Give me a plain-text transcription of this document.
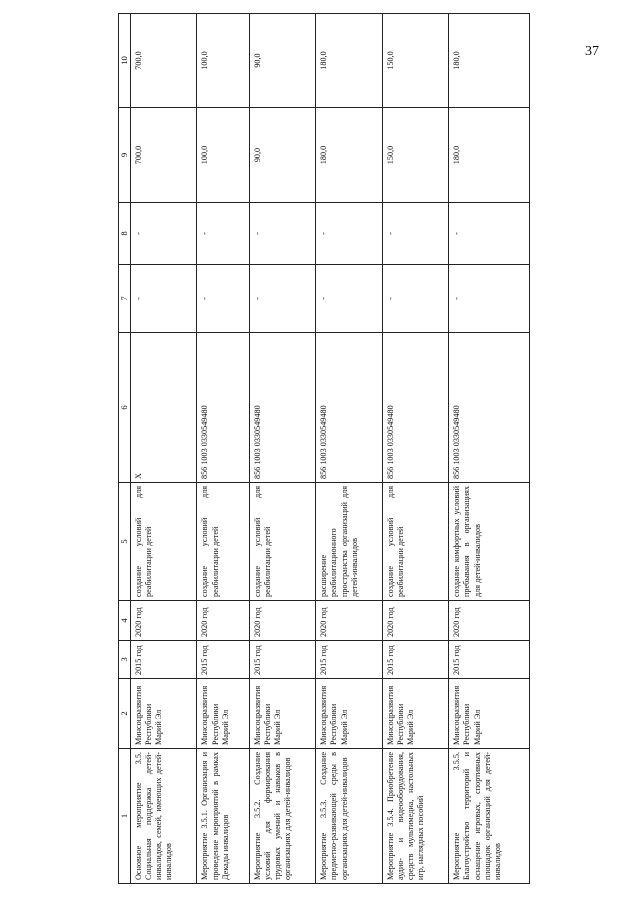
37
1	2	3	4	5	6	7	8	9	10
Основное мероприятие 3.5. Социальная поддержка детей-инвалидов, семей, имеющих детей-инвалидов	Минсоцразвития Республики Марий Эл	2015 год	2020 год	создание условий для реабилитации детей	Х	-	-	700,0	700,0
Мероприятие 3.5.1. Организация и проведение мероприятий в рамках Декады инвалидов	Минсоцразвития Республики Марий Эл	2015 год	2020 год	создание условий для реабилитации детей	856 1003 0330549480	-	-	100,0	100,0
Мероприятие 3.5.2. Создание условий для формирования трудовых умений и навыков в организациях для детей-инвалидов	Минсоцразвития Республики Марий Эл	2015 год	2020 год	создание условий для реабилитации детей	856 1003 0330549480	-	-	90,0	90,0
Мероприятие 3.5.3. Создание предметно-развивающей среды в организациях для детей-инвалидов	Минсоцразвития Республики Марий Эл	2015 год	2020 год	расширение реабилитационного пространства организаций для детей-инвалидов	856 1003 0330549480	-	-	180,0	180,0
Мероприятие 3.5.4. Приобретение аудио- и видеооборудования, средств мультимедиа, настольных игр, наглядных пособий	Минсоцразвития Республики Марий Эл	2015 год	2020 год	создание условий для реабилитации детей	856 1003 0330549480	-	-	150,0	150,0
Мероприятие 3.5.5. Благоустройство территорий и оснащение игровых, спортивных площадок организаций для детей-инвалидов	Минсоцразвития Республики Марий Эл	2015 год	2020 год	создание комфортных условий пребывания в организациях для детей-инвалидов	856 1003 0330549480	-	-	180,0	180,0
